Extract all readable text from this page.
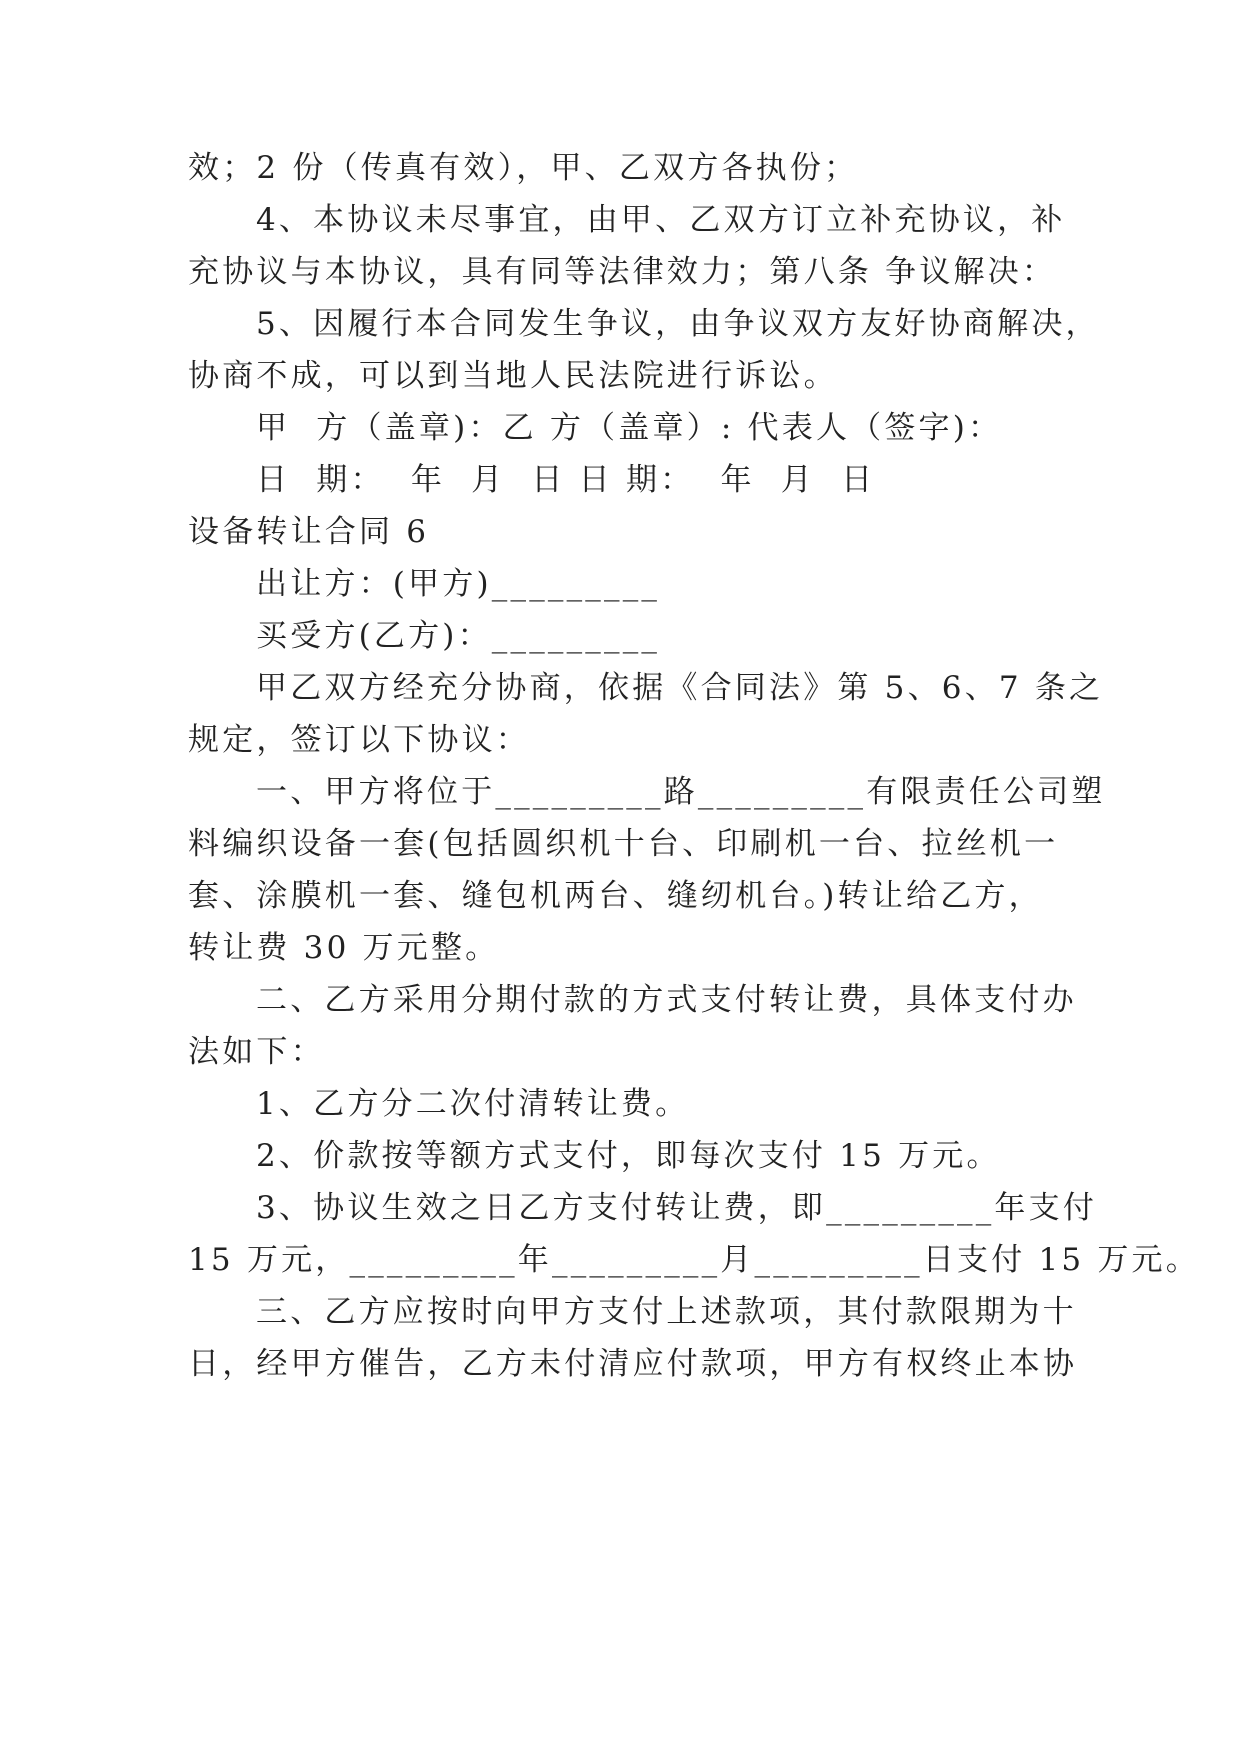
效；2 份（传真有效），甲、乙双方各执份；
4、本协议未尽事宜，由甲、乙双方订立补充协议，补
充协议与本协议，具有同等法律效力；第八条 争议解决：
5、因履行本合同发生争议，由争议双方友好协商解决，
协商不成，可以到当地人民法院进行诉讼。
甲  方（盖章)：乙 方（盖章）: 代表人（签字)：
日  期：  年  月  日 日 期：  年  月  日
设备转让合同 6
出让方：(甲方)_________
买受方(乙方)：_________
甲乙双方经充分协商，依据《合同法》第 5、6、7 条之
规定，签订以下协议：
一、甲方将位于_________路_________有限责任公司塑
料编织设备一套(包括圆织机十台、印刷机一台、拉丝机一
套、涂膜机一套、缝包机两台、缝纫机台。)转让给乙方，
转让费 30 万元整。
二、乙方采用分期付款的方式支付转让费，具体支付办
法如下：
1、乙方分二次付清转让费。
2、价款按等额方式支付，即每次支付 15 万元。
3、协议生效之日乙方支付转让费，即_________年支付
15 万元，_________年_________月_________日支付 15 万元。
三、乙方应按时向甲方支付上述款项，其付款限期为十
日，经甲方催告，乙方未付清应付款项，甲方有权终止本协
